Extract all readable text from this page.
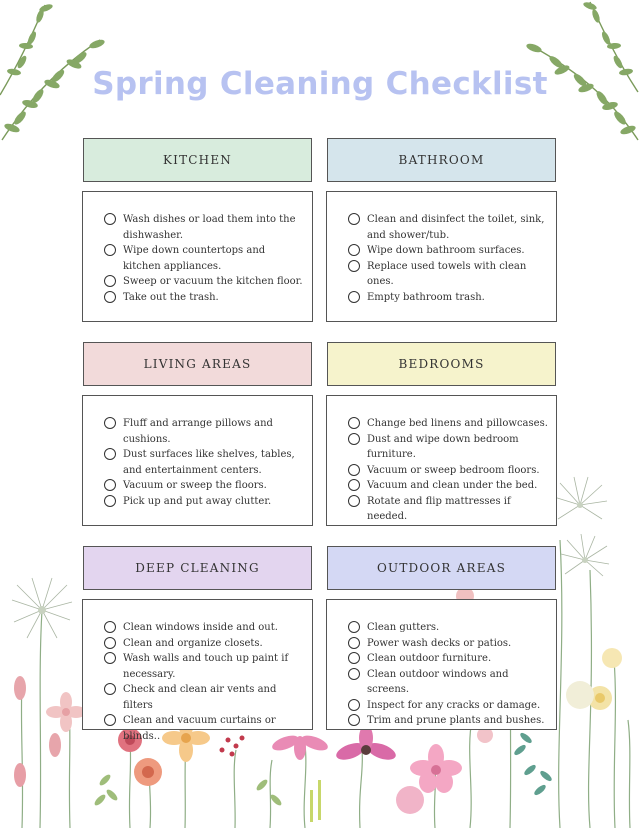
Spring Cleaning Checklist
KITCHEN
Wash dishes or load them into the dishwasher.
Wipe down countertops and kitchen appliances.
Sweep or vacuum the kitchen floor.
Take out the trash.
BATHROOM
Clean and disinfect the toilet, sink, and shower/tub.
Wipe down bathroom surfaces.
Replace used towels with clean ones.
Empty bathroom trash.
LIVING AREAS
Fluff and arrange pillows and cushions.
Dust surfaces like shelves, tables, and entertainment centers.
Vacuum or sweep the floors.
Pick up and put away clutter.
BEDROOMS
Change bed linens and pillowcases.
Dust and wipe down bedroom furniture.
Vacuum or sweep bedroom floors.
Vacuum and clean under the bed.
Rotate and flip mattresses if needed.
DEEP CLEANING
Clean windows inside and out.
Clean and organize closets.
Wash walls and touch up paint if necessary.
Check and clean air vents and filters
Clean and vacuum curtains or blinds..
OUTDOOR AREAS
Clean gutters.
Power wash decks or patios.
Clean outdoor furniture.
Clean outdoor windows and screens.
Inspect for any cracks or damage.
Trim and prune plants and bushes.
